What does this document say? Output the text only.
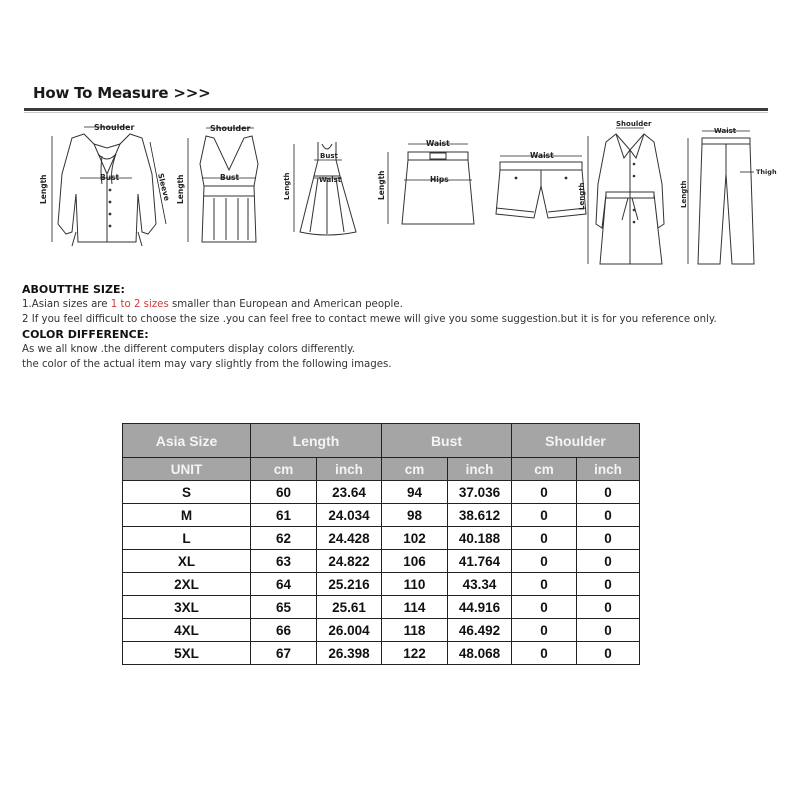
How To Measure >>>
Shoulder
Bust
Length	Sleeve
Shoulder
Bust
Length
Bust
Waist
Length
Waist
Hips
Length
Waist
Shoulder
Length
Waist
Thigh
Length
ABOUTTHE SIZE:
1.Asian sizes are 1 to 2 sizes smaller than European and American people.
2 If you feel difficult to choose the size .you can feel free to contact mewe will give you some suggestion.but it is for you reference only.
COLOR DIFFERENCE:
As we all know .the different computers display colors differently.
the color of the actual item may vary slightly from the following images.
Asia Size	Length		Bust		Shoulder	
UNIT	cm	inch	cm	inch	cm	inch
S	60	23.64	94	37.036	0	0
M	61	24.034	98	38.612	0	0
L	62	24.428	102	40.188	0	0
XL	63	24.822	106	41.764	0	0
2XL	64	25.216	110	43.34	0	0
3XL	65	25.61	114	44.916	0	0
4XL	66	26.004	118	46.492	0	0
5XL	67	26.398	122	48.068	0	0
